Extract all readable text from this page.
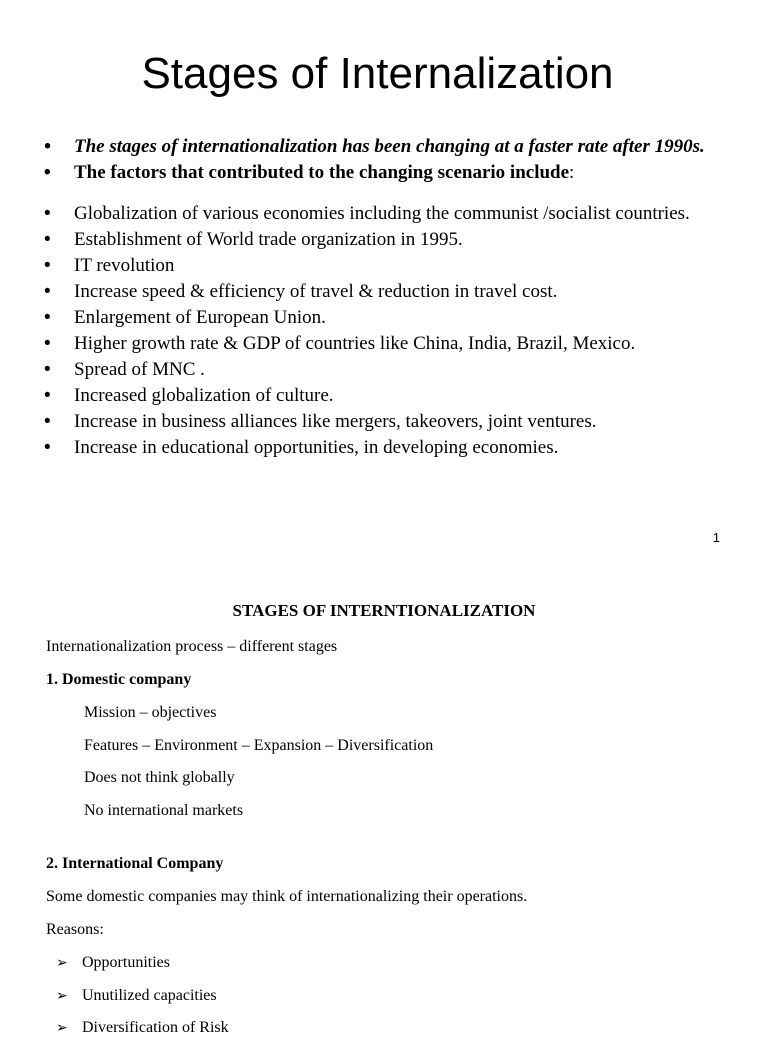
Stages of Internalization
• The stages of internationalization has been changing at a faster rate after 1990s.
• The factors that contributed to the changing scenario include:
• Globalization of various economies including the communist /socialist countries.
• Establishment of World trade organization in 1995.
• IT revolution
• Increase speed & efficiency of travel & reduction in travel cost.
• Enlargement of European Union.
• Higher growth rate & GDP of countries like China, India, Brazil, Mexico.
• Spread of MNC .
• Increased globalization of culture.
• Increase in business alliances like mergers, takeovers, joint ventures.
• Increase in educational opportunities, in developing economies.
1
STAGES OF INTERNTIONALIZATION
Internationalization process – different stages
1. Domestic company
Mission – objectives
Features – Environment – Expansion – Diversification
Does not think globally
No international markets
2. International Company
Some domestic companies may think of internationalizing their operations.
Reasons:
➢ Opportunities
➢ Unutilized capacities
➢ Diversification of Risk
